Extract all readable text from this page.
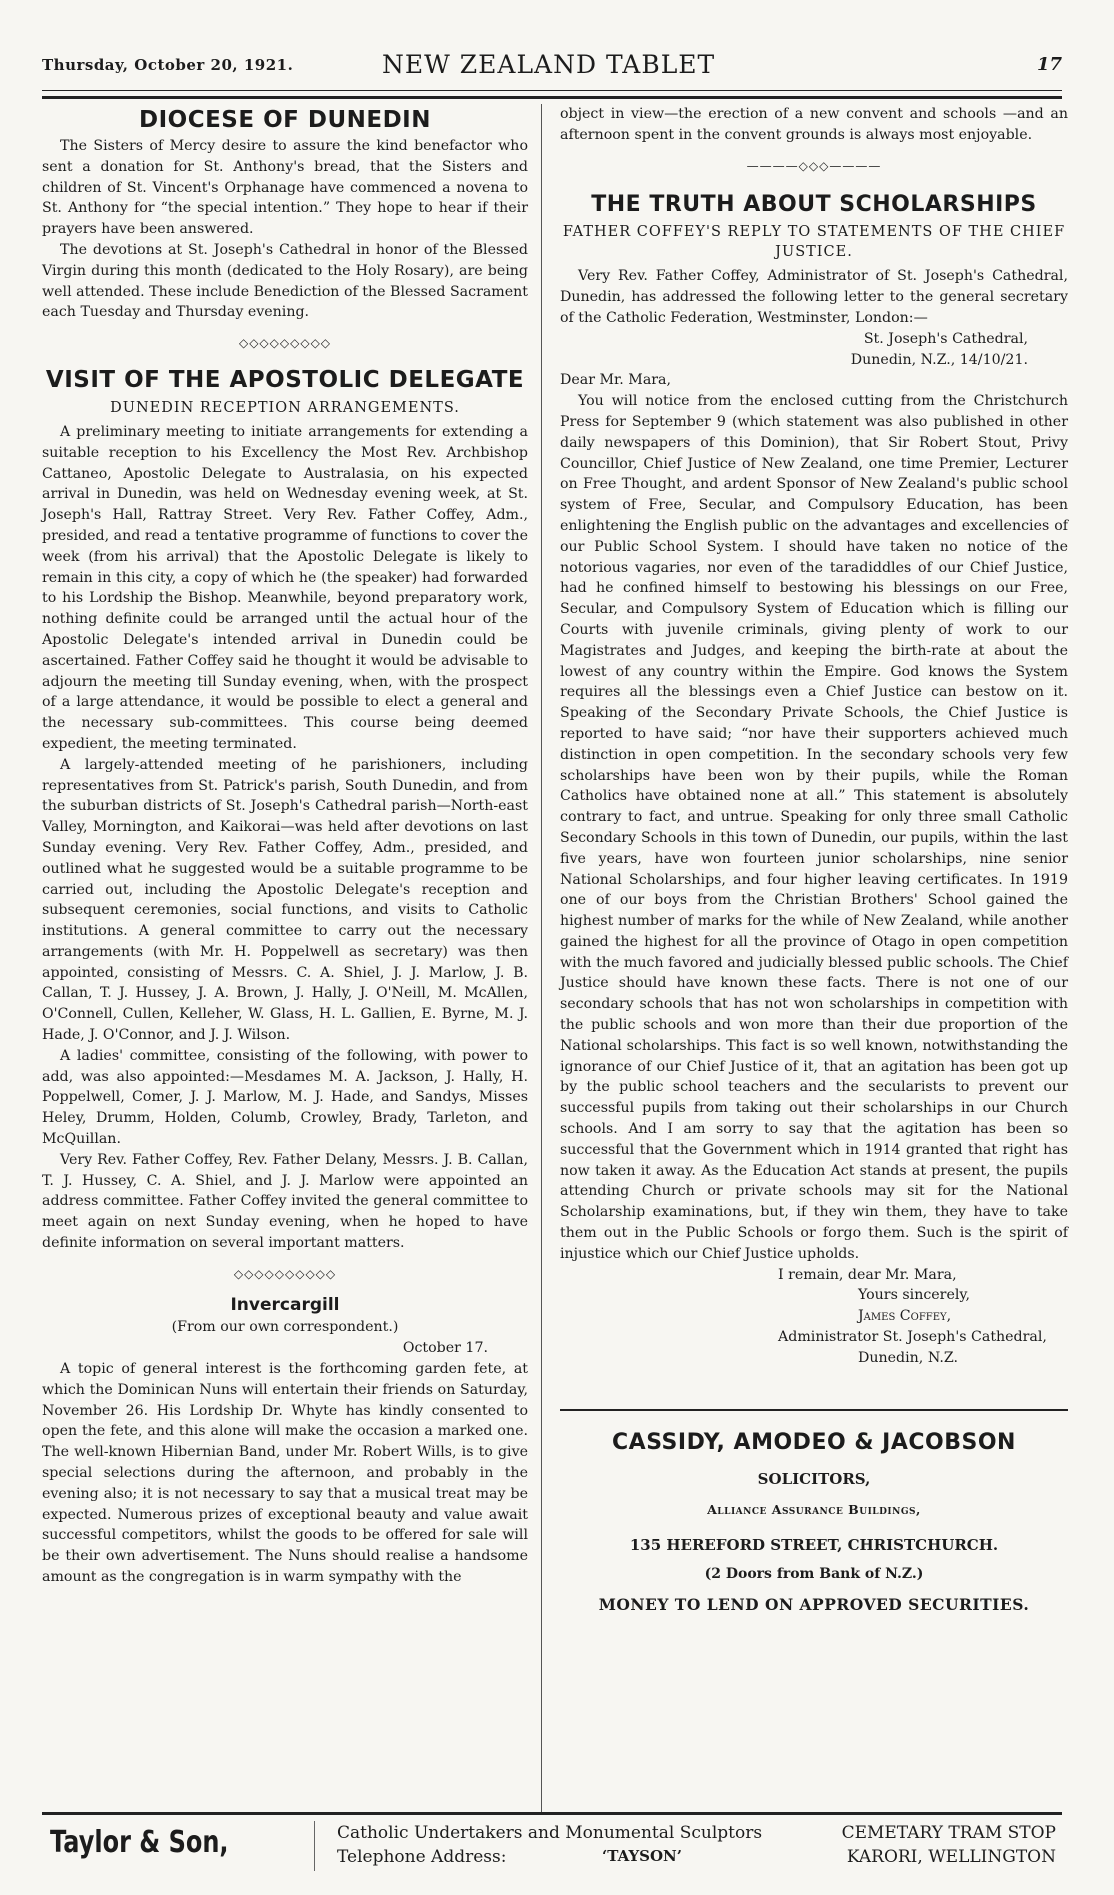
Thursday, October 20, 1921.	NEW ZEALAND TABLET	17
DIOCESE OF DUNEDIN

The Sisters of Mercy desire to assure the kind benefactor who sent a donation for St. Anthony's bread, that the Sisters and children of St. Vincent's Orphanage have commenced a novena to St. Anthony for “the special intention.” They hope to hear if their prayers have been answered.

The devotions at St. Joseph's Cathedral in honor of the Blessed Virgin during this month (dedicated to the Holy Rosary), are being well attended. These include Benediction of the Blessed Sacrament each Tuesday and Thursday evening.

◇◇◇◇◇◇◇◇◇
VISIT OF THE APOSTOLIC DELEGATE
DUNEDIN RECEPTION ARRANGEMENTS.

A preliminary meeting to initiate arrangements for extending a suitable reception to his Excellency the Most Rev. Archbishop Cattaneo, Apostolic Delegate to Australasia, on his expected arrival in Dunedin, was held on Wednesday evening week, at St. Joseph's Hall, Rattray Street. Very Rev. Father Coffey, Adm., presided, and read a tentative programme of functions to cover the week (from his arrival) that the Apostolic Delegate is likely to remain in this city, a copy of which he (the speaker) had forwarded to his Lordship the Bishop. Meanwhile, beyond preparatory work, nothing definite could be arranged until the actual hour of the Apostolic Delegate's intended arrival in Dunedin could be ascertained. Father Coffey said he thought it would be advisable to adjourn the meeting till Sunday evening, when, with the prospect of a large attendance, it would be possible to elect a general and the necessary sub-committees. This course being deemed expedient, the meeting terminated.

A largely-attended meeting of he parishioners, including representatives from St. Patrick's parish, South Dunedin, and from the suburban districts of St. Joseph's Cathedral parish—North-east Valley, Mornington, and Kaikorai—was held after devotions on last Sunday evening. Very Rev. Father Coffey, Adm., presided, and outlined what he suggested would be a suitable programme to be carried out, including the Apostolic Delegate's reception and subsequent ceremonies, social functions, and visits to Catholic institutions. A general committee to carry out the necessary arrangements (with Mr. H. Poppelwell as secretary) was then appointed, consisting of Messrs. C. A. Shiel, J. J. Marlow, J. B. Callan, T. J. Hussey, J. A. Brown, J. Hally, J. O'Neill, M. McAllen, O'Connell, Cullen, Kelleher, W. Glass, H. L. Gallien, E. Byrne, M. J. Hade, J. O'Connor, and J. J. Wilson.

A ladies' committee, consisting of the following, with power to add, was also appointed:—Mesdames M. A. Jackson, J. Hally, H. Poppelwell, Comer, J. J. Marlow, M. J. Hade, and Sandys, Misses Heley, Drumm, Holden, Columb, Crowley, Brady, Tarleton, and McQuillan.

Very Rev. Father Coffey, Rev. Father Delany, Messrs. J. B. Callan, T. J. Hussey, C. A. Shiel, and J. J. Marlow were appointed an address committee. Father Coffey invited the general committee to meet again on next Sunday evening, when he hoped to have definite information on several important matters.

◇◇◇◇◇◇◇◇◇◇
Invercargill
(From our own correspondent.)
October 17.

A topic of general interest is the forthcoming garden fete, at which the Dominican Nuns will entertain their friends on Saturday, November 26. His Lordship Dr. Whyte has kindly consented to open the fete, and this alone will make the occasion a marked one. The well-known Hibernian Band, under Mr. Robert Wills, is to give special selections during the afternoon, and probably in the evening also; it is not necessary to say that a musical treat may be expected. Numerous prizes of exceptional beauty and value await successful competitors, whilst the goods to be offered for sale will be their own advertisement. The Nuns should realise a handsome amount as the congregation is in warm sympathy with the

object in view—the erection of a new convent and schools —and an afternoon spent in the convent grounds is always most enjoyable.

————◇◇◇————
THE TRUTH ABOUT SCHOLARSHIPS
FATHER COFFEY'S REPLY TO STATEMENTS OF THE CHIEF JUSTICE.

Very Rev. Father Coffey, Administrator of St. Joseph's Cathedral, Dunedin, has addressed the following letter to the general secretary of the Catholic Federation, Westminster, London:—

St. Joseph's Cathedral,

Dunedin, N.Z., 14/10/21.

Dear Mr. Mara,

You will notice from the enclosed cutting from the Christchurch Press for September 9 (which statement was also published in other daily newspapers of this Dominion), that Sir Robert Stout, Privy Councillor, Chief Justice of New Zealand, one time Premier, Lecturer on Free Thought, and ardent Sponsor of New Zealand's public school system of Free, Secular, and Compulsory Education, has been enlightening the English public on the advantages and excellencies of our Public School System. I should have taken no notice of the notorious vagaries, nor even of the taradiddles of our Chief Justice, had he confined himself to bestowing his blessings on our Free, Secular, and Compulsory System of Education which is filling our Courts with juvenile criminals, giving plenty of work to our Magistrates and Judges, and keeping the birth-rate at about the lowest of any country within the Empire. God knows the System requires all the blessings even a Chief Justice can bestow on it. Speaking of the Secondary Private Schools, the Chief Justice is reported to have said; “nor have their supporters achieved much distinction in open competition. In the secondary schools very few scholarships have been won by their pupils, while the Roman Catholics have obtained none at all.” This statement is absolutely contrary to fact, and untrue. Speaking for only three small Catholic Secondary Schools in this town of Dunedin, our pupils, within the last five years, have won fourteen junior scholarships, nine senior National Scholarships, and four higher leaving certificates. In 1919 one of our boys from the Christian Brothers' School gained the highest number of marks for the while of New Zealand, while another gained the highest for all the province of Otago in open competition with the much favored and judicially blessed public schools. The Chief Justice should have known these facts. There is not one of our secondary schools that has not won scholarships in competition with the public schools and won more than their due proportion of the National scholarships. This fact is so well known, notwithstanding the ignorance of our Chief Justice of it, that an agitation has been got up by the public school teachers and the secularists to prevent our successful pupils from taking out their scholarships in our Church schools. And I am sorry to say that the agitation has been so successful that the Government which in 1914 granted that right has now taken it away. As the Education Act stands at present, the pupils attending Church or private schools may sit for the National Scholarship examinations, but, if they win them, they have to take them out in the Public Schools or forgo them. Such is the spirit of injustice which our Chief Justice upholds.

I remain, dear Mr. Mara,

Yours sincerely,

James Coffey,

Administrator St. Joseph's Cathedral,

Dunedin, N.Z.

CASSIDY, AMODEO & JACOBSON
SOLICITORS,
Alliance Assurance Buildings,
135 HEREFORD STREET, CHRISTCHURCH.
(2 Doors from Bank of N.Z.)
MONEY TO LEND ON APPROVED SECURITIES.
Taylor & Son,	Catholic Undertakers and Monumental Sculptors
Telephone Address:	‘TAYSON’
CEMETARY TRAM STOP
KARORI, WELLINGTON
